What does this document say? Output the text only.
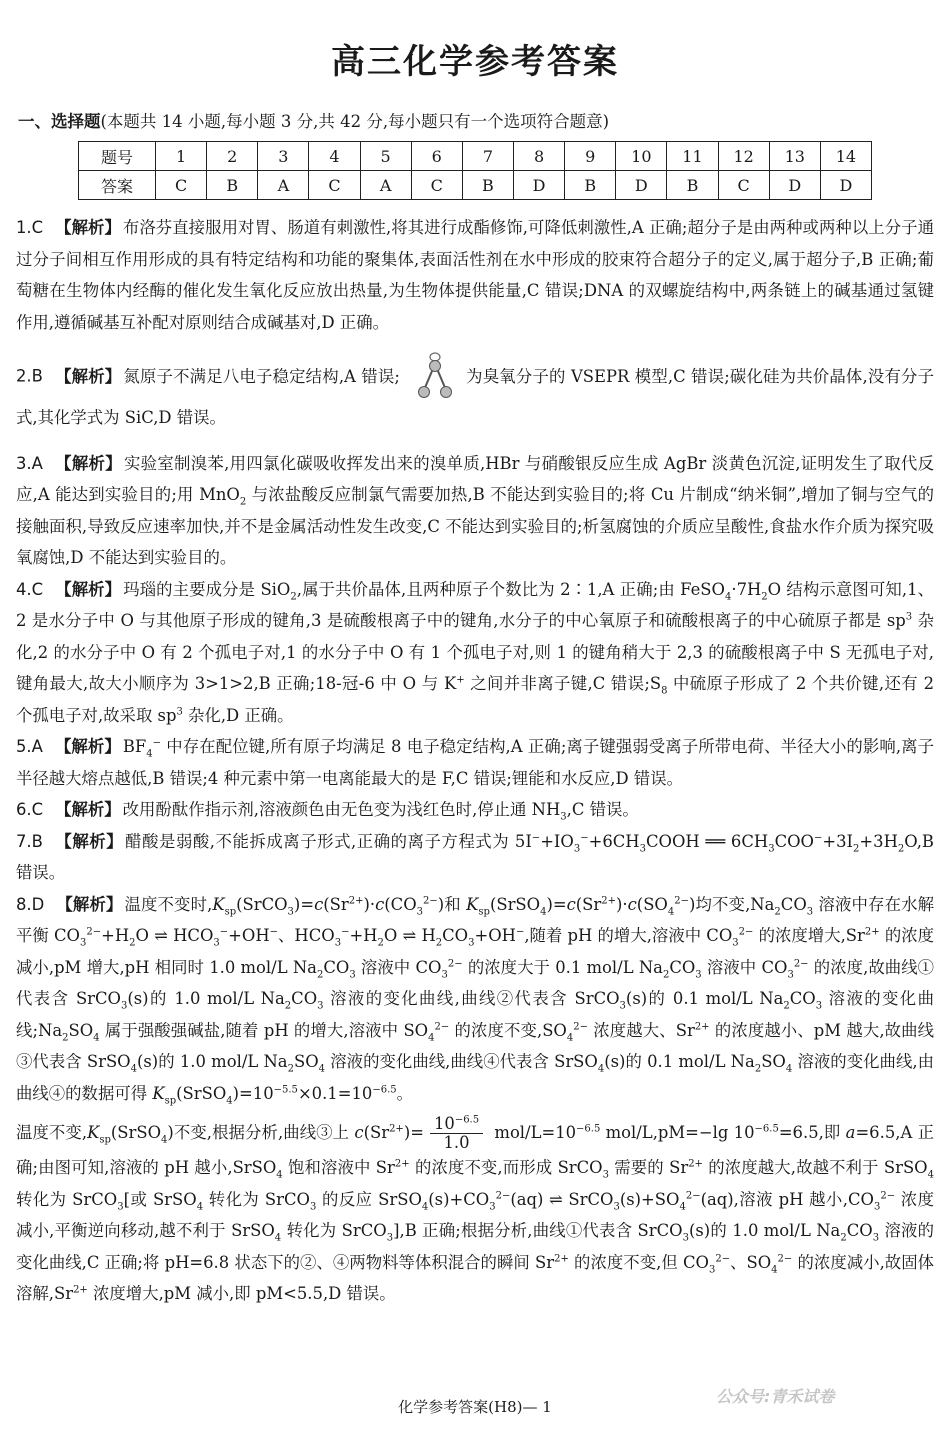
高三化学参考答案
一、选择题(本题共 14 小题,每小题 3 分,共 42 分,每小题只有一个选项符合题意)
题号	1	2	3	4	5	6	7	8	9	10	11	12	13	14
答案	C	B	A	C	A	C	B	D	B	D	B	C	D	D
1.C 【解析】 布洛芬直接服用对胃、肠道有刺激性,将其进行成酯修饰,可降低刺激性,A 正确;超分子是由两种或两种以上分子通过分子间相互作用形成的具有特定结构和功能的聚集体,表面活性剂在水中形成的胶束符合超分子的定义,属于超分子,B 正确;葡萄糖在生物体内经酶的催化发生氧化反应放出热量,为生物体提供能量,C 错误;DNA 的双螺旋结构中,两条链上的碱基通过氢键作用,遵循碱基互补配对原则结合成碱基对,D 正确。
2.B 【解析】 氮原子不满足八电子稳定结构,A 错误;	为臭氧分子的 VSEPR 模型,C 错误;碳化硅为共价晶体,没有分子式,其化学式为 SiC,D 错误。
3.A 【解析】 实验室制溴苯,用四氯化碳吸收挥发出来的溴单质,HBr 与硝酸银反应生成 AgBr 淡黄色沉淀,证明发生了取代反应,A 能达到实验目的;用 MnO$_2$ 与浓盐酸反应制氯气需要加热,B 不能达到实验目的;将 Cu 片制成“纳米铜”,增加了铜与空气的接触面积,导致反应速率加快,并不是金属活动性发生改变,C 不能达到实验目的;析氢腐蚀的介质应呈酸性,食盐水作介质为探究吸氧腐蚀,D 不能达到实验目的。
4.C 【解析】 玛瑙的主要成分是 SiO$_2$,属于共价晶体,且两种原子个数比为 2∶1,A 正确;由 $FeSO_4\cdot 7H_2O$ 结构示意图可知,1、2 是水分子中 O 与其他原子形成的键角,3 是硫酸根离子中的键角,水分子的中心氧原子和硫酸根离子的中心硫原子都是 $sp^3$ 杂化,2 的水分子中 O 有 2 个孤电子对,1 的水分子中 O 有 1 个孤电子对,则 1 的键角稍大于 2,3 的硫酸根离子中 S 无孤电子对,键角最大,故大小顺序为 3>1>2,B 正确;18-冠-6 中 O 与 K+ 之间并非离子键,C 错误$;S_8$ 中硫原子形成了 2 个共价键,还有 2 个孤电子对,故采取 $sp^3$ 杂化,D 正确。
5.A 【解析】 $BF_4^-$ 中存在配位键,所有原子均满足 8 电子稳定结构,A 正确;离子键强弱受离子所带电荷、半径大小的影响,离子半径越大熔点越低,B 错误;4 种元素中第一电离能最大的是 F,C 错误;锂能和水反应,D 错误。
6.C 【解析】 改用酚酞作指示剂,溶液颜色由无色变为浅红色时,停止通 $NH_3,C$ 错误。
7.B 【解析】 醋酸是弱酸,不能拆成离子形式,正确的离子方程式为 $5I^-+IO_3^-+6CH_3COOH$ ══ $6CH_3COO^-+3I_2+3H_2O,B$ 错误。
8.D 【解析】 温度不变时$,K_{sp}(SrCO_3)=c(Sr^{2+})\cdot c(CO_3^{2-})$和 $K_{sp}(SrSO_4)=c(Sr^{2+})\cdot c(SO_4^{2-})$均不变$,Na_2CO_3$ 溶液中存在水解平衡 $CO_3^{2-}+H_2O$ ⇌ $HCO_3^-+OH^-$、$HCO_3^-+H_2O$ ⇌ $H_2CO_3+OH^-$,随着 pH 的增大,溶液中 $CO_3^{2-}$ 的浓度增大$,Sr^{2+}$ 的浓度减小,pM 增大,pH 相同时 1.0 mol/L $Na_2CO_3$ 溶液中 $CO_3^{2-}$ 的浓度大于 0.1 mol/L $Na_2CO_3$ 溶液中 $CO_3^{2-}$ 的浓度,故曲线①代表含 SrCO$_3$(s)的 1.0 mol/L $Na_2CO_3$ 溶液的变化曲线,曲线②代表含 SrCO$_3$(s)的 0.1 mol/L $Na_2CO_3$ 溶液的变化曲线$;Na_2SO_4$ 属于强酸强碱盐,随着 pH 的增大,溶液中 $SO_4^{2-}$ 的浓度不变$,SO_4^{2-}$ 浓度越大、$Sr^{2+}$ 的浓度越小、pM 越大,故曲线③代表含 SrSO$_4$(s)的 1.0 mol/L $Na_2SO_4$ 溶液的变化曲线,曲线④代表含 SrSO$_4$(s)的 0.1 mol/L $Na_2SO_4$ 溶液的变化曲线,由曲线④的数据可得 $K_{sp}(SrSO_4)=10^{-5.5}\times 0.1=10^{-6.5}$。
温度不变$,K_{sp}(SrSO_4)$不变,根据分析,曲线③上 $c(Sr^{2+})= \frac{10^{-6.5}}{1.0} mol/L=10^{-6.5}$ mol/L,pM=−lg $10^{-6.5}=6.5$,即 a=6.5,A 正确;由图可知,溶液的 pH 越小,SrSO$_4$ 饱和溶液中 $Sr^{2+}$ 的浓度不变,而形成 SrCO$_3$ 需要的 $Sr^{2+}$ 的浓度越大,故越不利于 SrSO$_4$ 转化为 SrCO$_3$[或 SrSO$_4$ 转化为 SrCO$_3$ 的反应 $SrSO_4(s)+CO_3^{2-}(aq)$ ⇌ $SrCO_3(s)+SO_4^{2-}(aq)$,溶液 pH 越小$,CO_3^{2-}$ 浓度减小,平衡逆向移动,越不利于 SrSO$_4$ 转化为 SrCO$_3$],B 正确;根据分析,曲线①代表含 SrCO$_3$(s)的 1.0 mol/L $Na_2CO_3$ 溶液的变化曲线,C 正确;将 pH=6.8 状态下的②、④两物料等体积混合的瞬间 $Sr^{2+}$ 的浓度不变,但 $CO_3^{2-}$、$SO_4^{2-}$ 的浓度减小,故固体溶解$,Sr^{2+}$ 浓度增大,pM 减小,即 pM<5.5,D 错误。
化学参考答案(H8)— 1
公众号:青禾试卷
